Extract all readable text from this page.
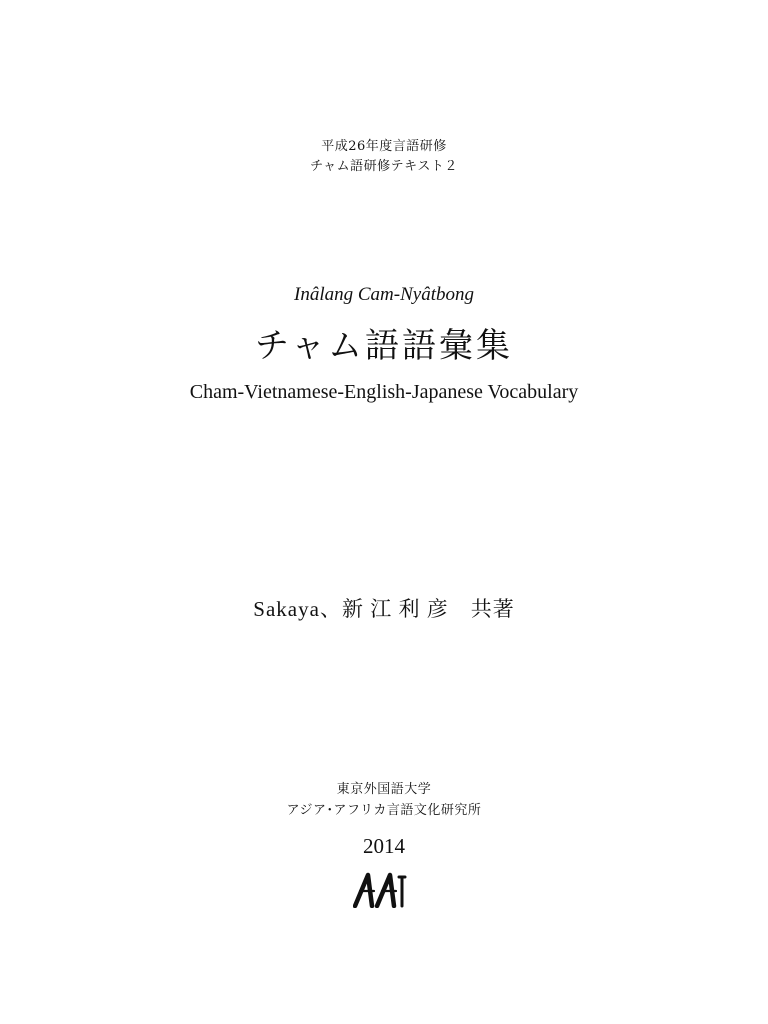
平成26年度言語研修
チャム語研修テキスト２
Inâlang Cam-Nyâtbong
チャム語語彙集
Cham-Vietnamese-English-Japanese Vocabulary
Sakaya、新 江 利 彦　共著
東京外国語大学
アジア･アフリカ言語文化研究所
2014
